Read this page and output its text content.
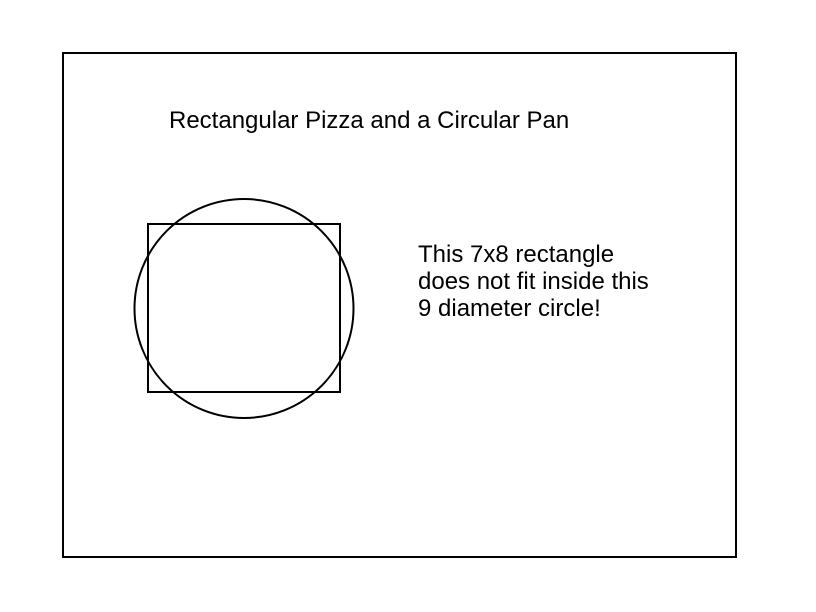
Rectangular Pizza and a Circular Pan
This 7x8 rectangle
does not fit inside this
9 diameter circle!
